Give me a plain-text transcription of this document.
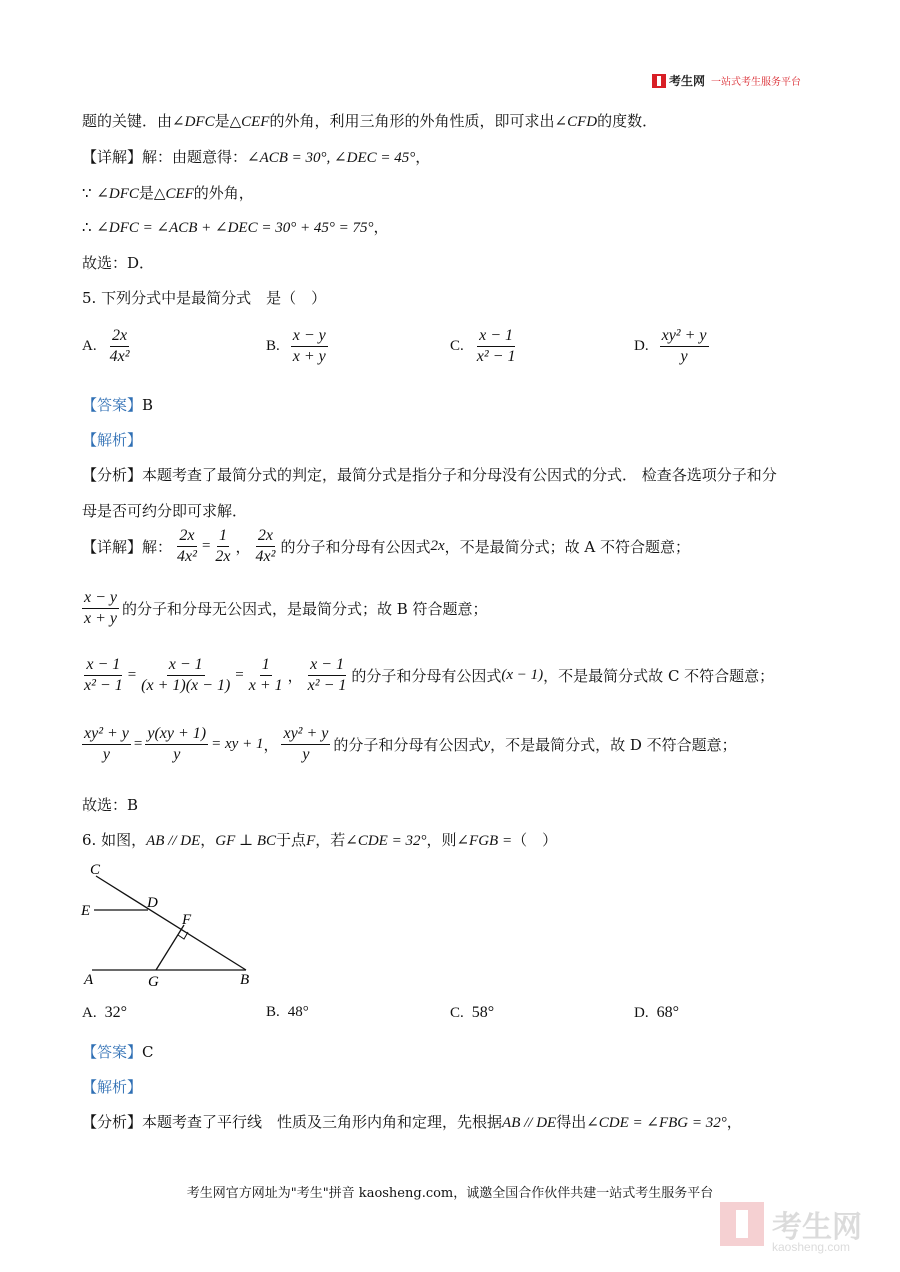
考生网 一站式考生服务平台
题的关键．由∠DFC是△CEF的外角，利用三角形的外角性质，即可求出∠CFD的度数．
【详解】解：由题意得：∠ACB = 30°, ∠DEC = 45°，
∵ ∠DFC是△CEF的外角，
∴ ∠DFC = ∠ACB + ∠DEC = 30° + 45° = 75°，
故选：D．
5. 下列分式中是最简分式　是（　）
A. $\frac{2x}{\text{4x²}}$	B. $\frac{x - y}{x + y}$	C. $\frac{x - 1}{\text{x² − 1}}$	D. $\frac{\text{xy² + y}}{y}$
【答案】B
【解析】
【分析】本题考查了最简分式的判定，最简分式是指分子和分母没有公因式的分式． 检查各选项分子和分
母是否可约分即可求解．
【详解】 解： $\frac{2x}{\text{4x²}} = \frac{1}{2x}$ ， $\frac{2x}{\text{4x²}}$ 的分子和分母有公因式 2x ，不是最简分式；故 A 不符合题意；
$\frac{x - y}{x + y}$ 的分子和分母无公因式，是最简分式；故 B 符合题意；
$\frac{x - 1}{\text{x² − 1}} = \frac{x - 1}{(x + 1)(x - 1)} = \frac{1}{x + 1}$ ， $\frac{x - 1}{\text{x² − 1}}$ 的分子和分母有公因式 (x − 1) ，不是最简分式故 C 不符合题意；
$\frac{\text{xy² + y}}{y} = \frac{y(xy + 1)}{y}$ = xy + 1 ， $\frac{\text{xy² + y}}{y}$ 的分子和分母有公因式 y ，不是最简分式，故 D 不符合题意；
故选：B
6. 如图，AB // DE，GF ⊥ BC于点F，若∠CDE = 32°，则∠FGB =（　）
C
E	D
F
A	G	B
A. 32°	B. 48°	C. 58°	D. 68°
【答案】C
【解析】
【分析】本题考查了平行线　性质及三角形内角和定理，先根据AB // DE得出∠CDE = ∠FBG = 32°，
考生网官方网址为"考生"拼音 kaosheng.com，诚邀全国合作伙伴共建一站式考生服务平台
考生网
kaosheng.com
